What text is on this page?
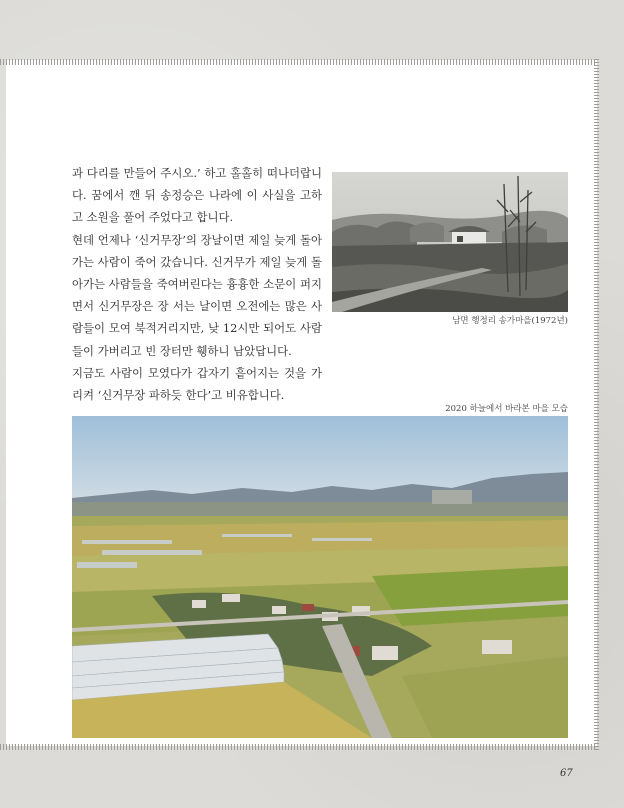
과 다리를 만들어 주시오.’ 하고 홀홀히 떠나더랍니다. 꿈에서 깬 뒤 송정승은 나라에 이 사실을 고하고 소원을 풀어 주었다고 합니다.

현데 언제나 ‘신거무장’의 장날이면 제일 늦게 돌아가는 사람이 죽어 갔습니다. 신거무가 제일 늦게 돌아가는 사람들을 죽여버린다는 흉흉한 소문이 퍼지면서 신거무장은 장 서는 날이면 오전에는 많은 사람들이 모여 북적거리지만, 낮 12시만 되어도 사람들이 가버리고 빈 장터만 휑하니 남았답니다.

지금도 사람이 모였다가 갑자기 흩어지는 것을 가리켜 ‘신거무장 파하듯 한다’고 비유합니다.

남면 행정리 송가마을(1972년)
2020 하늘에서 바라본 마을 모습
67
